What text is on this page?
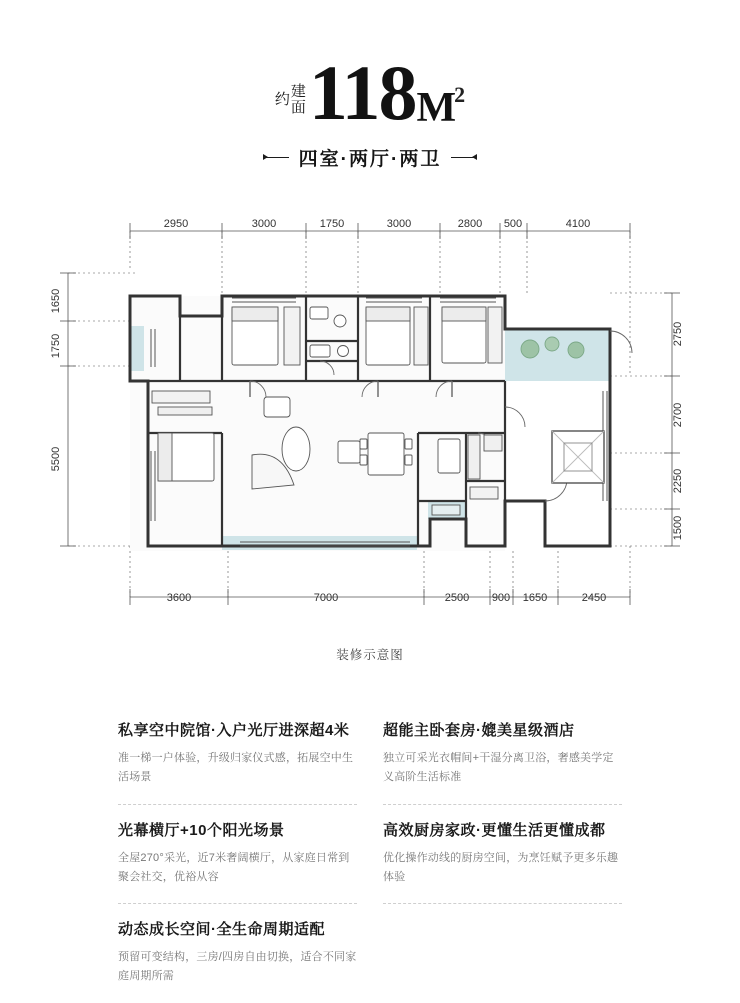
建面约 118 M
2
四室·两厅·两卫
2950	3000	1750	3000	2800 500	4100
1650
1750
5500
2750
2700
2250
1500
3600	7000	2500 900 1650	2450
装修示意图
私享空中院馆·入户光厅进深超4米
准一梯一户体验，升级归家仪式感，拓展空中生活场景
光幕横厅+10个阳光场景
全屋270°采光，近7米奢阔横厅，从家庭日常到聚会社交，优裕从容
动态成长空间·全生命周期适配
预留可变结构，三房/四房自由切换，适合不同家庭周期所需
超能主卧套房·媲美星级酒店
独立可采光衣帽间+干湿分离卫浴，奢感美学定义高阶生活标准
高效厨房家政·更懂生活更懂成都
优化操作动线的厨房空间，为烹饪赋予更多乐趣体验
